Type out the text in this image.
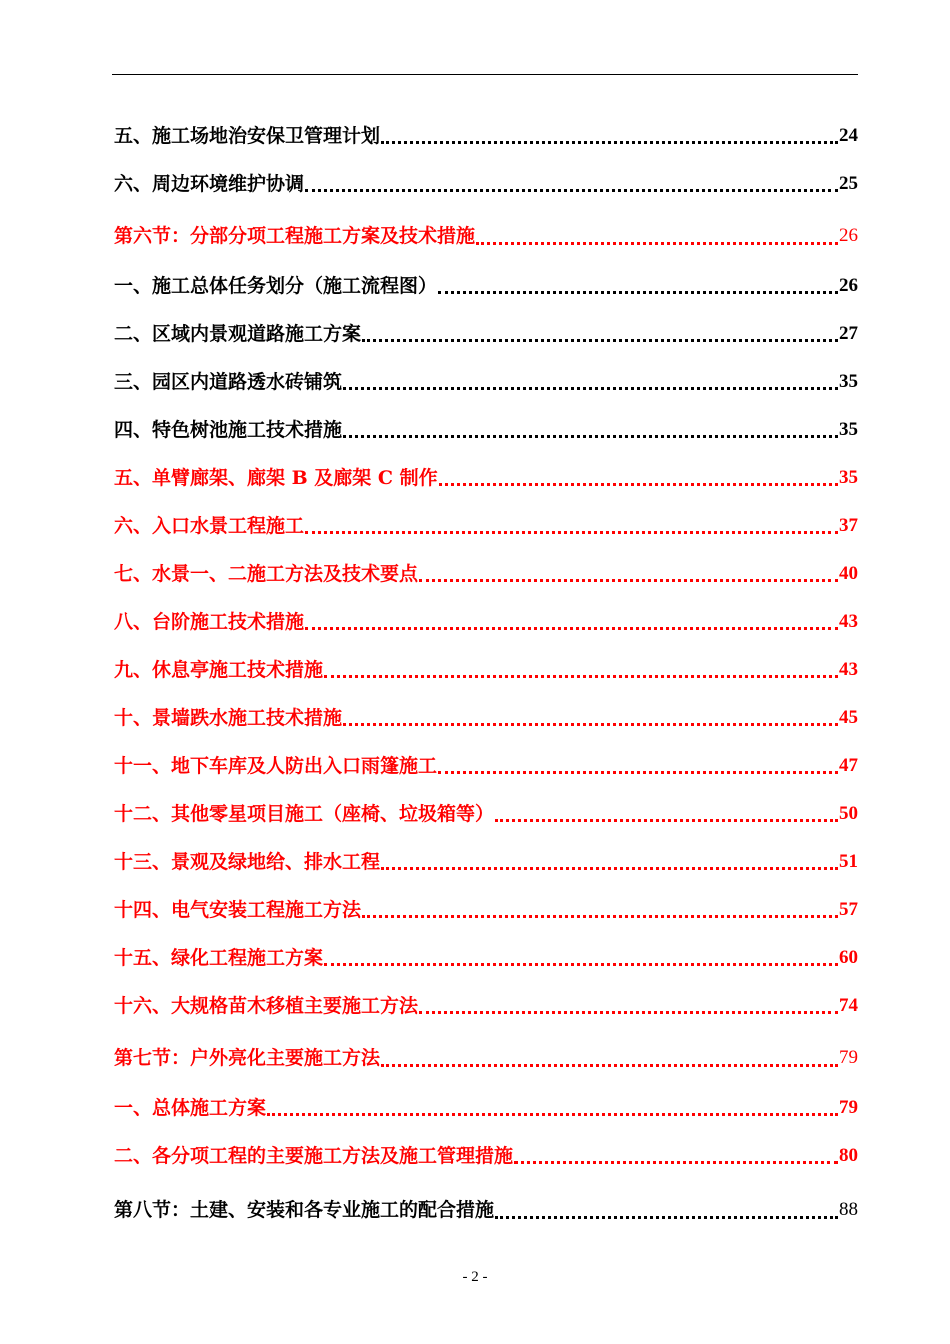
五、施工场地治安保卫管理计划	24
六、周边环境维护协调	25
第六节：分部分项工程施工方案及技术措施	26
一、施工总体任务划分（施工流程图）	26
二、区域内景观道路施工方案	27
三、园区内道路透水砖铺筑	35
四、特色树池施工技术措施	35
五、单臂廊架、廊架 B 及廊架 C 制作	35
六、入口水景工程施工	37
七、水景一、二施工方法及技术要点	40
八、台阶施工技术措施	43
九、休息亭施工技术措施	43
十、景墙跌水施工技术措施	45
十一、地下车库及人防出入口雨篷施工	47
十二、其他零星项目施工（座椅、垃圾箱等）	50
十三、景观及绿地给、排水工程	51
十四、电气安装工程施工方法	57
十五、绿化工程施工方案	60
十六、大规格苗木移植主要施工方法	74
第七节：户外亮化主要施工方法	79
一、总体施工方案	79
二、各分项工程的主要施工方法及施工管理措施	80
第八节：土建、安装和各专业施工的配合措施	88
- 2 -
